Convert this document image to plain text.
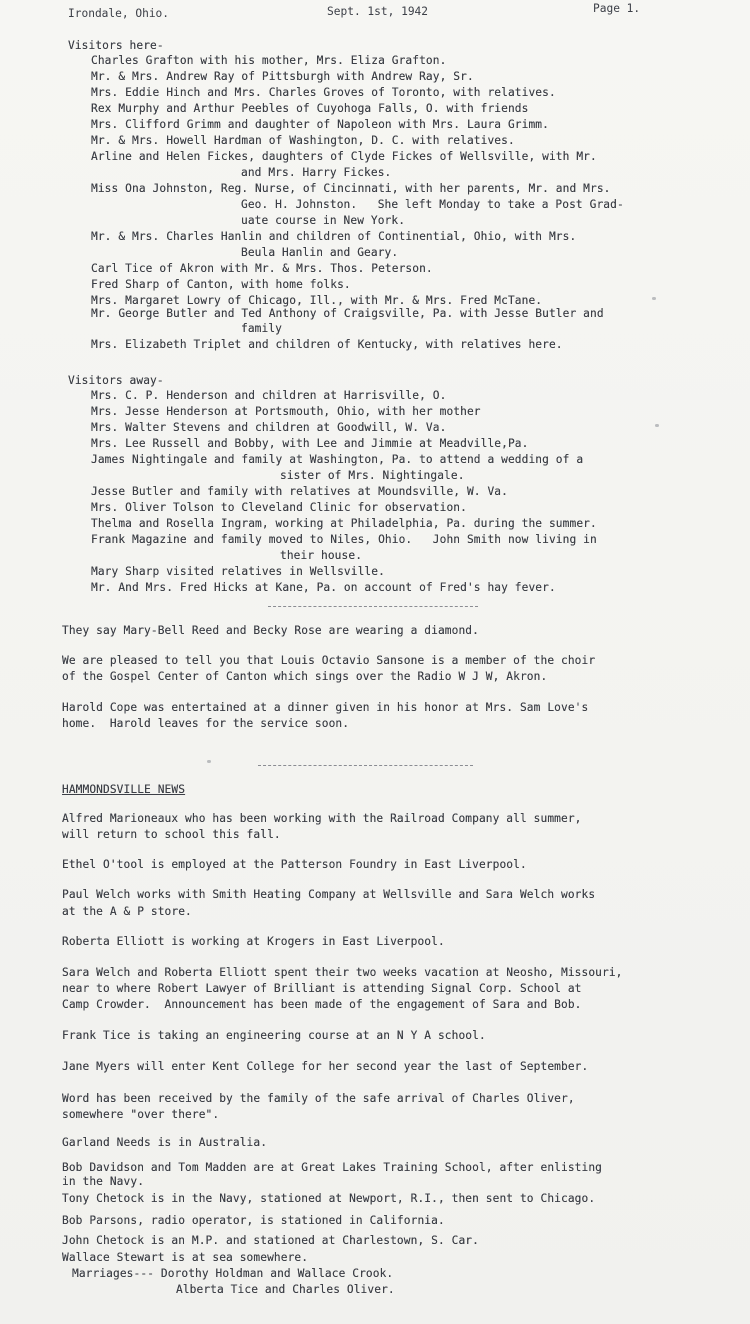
Irondale, Ohio.	Sept. 1st, 1942	Page 1.
Visitors here-
Charles Grafton with his mother, Mrs. Eliza Grafton.
Mr. & Mrs. Andrew Ray of Pittsburgh with Andrew Ray, Sr.
Mrs. Eddie Hinch and Mrs. Charles Groves of Toronto, with relatives.
Rex Murphy and Arthur Peebles of Cuyohoga Falls, O. with friends
Mrs. Clifford Grimm and daughter of Napoleon with Mrs. Laura Grimm.
Mr. & Mrs. Howell Hardman of Washington, D. C. with relatives.
Arline and Helen Fickes, daughters of Clyde Fickes of Wellsville, with Mr.
and Mrs. Harry Fickes.
Miss Ona Johnston, Reg. Nurse, of Cincinnati, with her parents, Mr. and Mrs.
Geo. H. Johnston.   She left Monday to take a Post Grad-
uate course in New York.
Mr. & Mrs. Charles Hanlin and children of Continential, Ohio, with Mrs.
Beula Hanlin and Geary.
Carl Tice of Akron with Mr. & Mrs. Thos. Peterson.
Fred Sharp of Canton, with home folks.
Mrs. Margaret Lowry of Chicago, Ill., with Mr. & Mrs. Fred McTane.
Mr. George Butler and Ted Anthony of Craigsville, Pa. with Jesse Butler and
family
Mrs. Elizabeth Triplet and children of Kentucky, with relatives here.
Visitors away-
Mrs. C. P. Henderson and children at Harrisville, O.
Mrs. Jesse Henderson at Portsmouth, Ohio, with her mother
Mrs. Walter Stevens and children at Goodwill, W. Va.
Mrs. Lee Russell and Bobby, with Lee and Jimmie at Meadville,Pa.
James Nightingale and family at Washington, Pa. to attend a wedding of a
sister of Mrs. Nightingale.
Jesse Butler and family with relatives at Moundsville, W. Va.
Mrs. Oliver Tolson to Cleveland Clinic for observation.
Thelma and Rosella Ingram, working at Philadelphia, Pa. during the summer.
Frank Magazine and family moved to Niles, Ohio.   John Smith now living in
their house.
Mary Sharp visited relatives in Wellsville.
Mr. And Mrs. Fred Hicks at Kane, Pa. on account of Fred's hay fever.
They say Mary-Bell Reed and Becky Rose are wearing a diamond.
We are pleased to tell you that Louis Octavio Sansone is a member of the choir
of the Gospel Center of Canton which sings over the Radio W J W, Akron.
Harold Cope was entertained at a dinner given in his honor at Mrs. Sam Love's
home.  Harold leaves for the service soon.
HAMMONDSVILLE NEWS
Alfred Marioneaux who has been working with the Railroad Company all summer,
will return to school this fall.
Ethel O'tool is employed at the Patterson Foundry in East Liverpool.
Paul Welch works with Smith Heating Company at Wellsville and Sara Welch works
at the A & P store.
Roberta Elliott is working at Krogers in East Liverpool.
Sara Welch and Roberta Elliott spent their two weeks vacation at Neosho, Missouri,
near to where Robert Lawyer of Brilliant is attending Signal Corp. School at
Camp Crowder.  Announcement has been made of the engagement of Sara and Bob.
Frank Tice is taking an engineering course at an N Y A school.
Jane Myers will enter Kent College for her second year the last of September.
Word has been received by the family of the safe arrival of Charles Oliver,
somewhere "over there".
Garland Needs is in Australia.
Bob Davidson and Tom Madden are at Great Lakes Training School, after enlisting
in the Navy.
Tony Chetock is in the Navy, stationed at Newport, R.I., then sent to Chicago.
Bob Parsons, radio operator, is stationed in California.
John Chetock is an M.P. and stationed at Charlestown, S. Car.
Wallace Stewart is at sea somewhere.
Marriages--- Dorothy Holdman and Wallace Crook.
Alberta Tice and Charles Oliver.
